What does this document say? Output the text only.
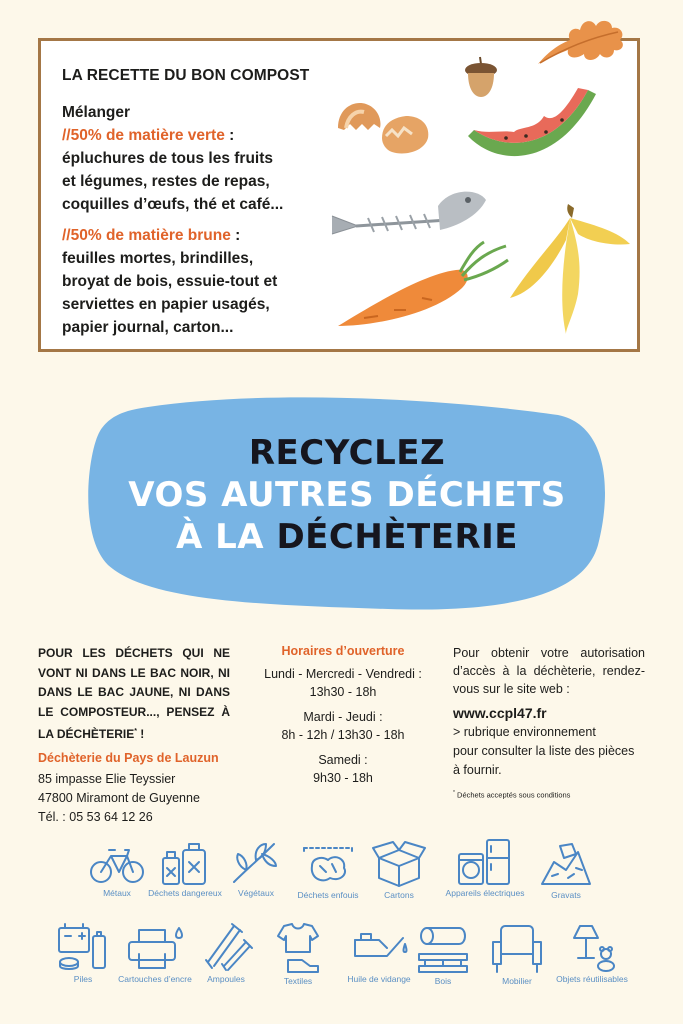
LA RECETTE DU BON COMPOST

Mélanger

//50% de matière verte :

épluchures de tous les fruits

et légumes, restes de repas,

coquilles d’œufs, thé et café...

//50% de matière brune :

feuilles mortes, brindilles,

broyat de bois, essuie-tout et

serviettes en papier usagés,

papier journal, carton...

RECYCLEZ
VOS AUTRES DÉCHETS
À LA DÉCHÈTERIE

POUR LES DÉCHETS QUI NE VONT NI DANS LE BAC NOIR, NI DANS LE BAC JAUNE, NI DANS LE COMPOSTEUR..., PENSEZ À LA DÉCHÈTERIE* !

Déchèterie du Pays de Lauzun

85 impasse Elie Teyssier

47800 Miramont de Guyenne

Tél. : 05 53 64 12 26

Horaires d’ouverture

Lundi - Mercredi - Vendredi :

13h30 - 18h

Mardi - Jeudi :

8h - 12h / 13h30 - 18h

Samedi :

9h30 - 18h

Pour obtenir votre autorisation d’accès à la déchèterie, rendez-vous sur le site web :

www.ccpl47.fr

> rubrique environnement

pour consulter la liste des pièces

à fournir.

* Déchets acceptés sous conditions

Métaux	Déchets dangereux	Végétaux	Déchets enfouis	Cartons	Appareils électriques	Gravats
Piles	Cartouches d’encre	Ampoules	Textiles	Huile de vidange	Bois	Mobilier	Objets réutilisables
